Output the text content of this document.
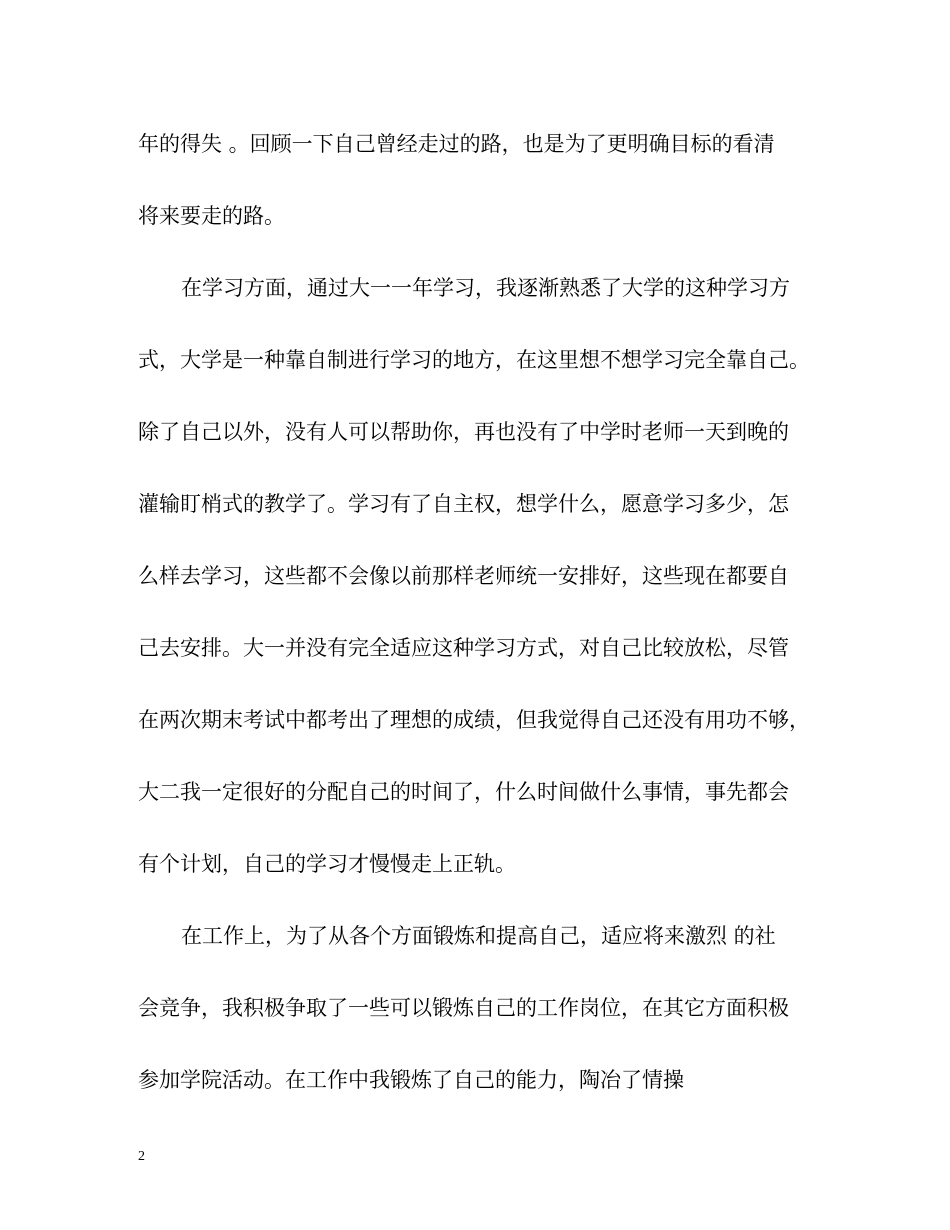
年的得失 。回顾一下自己曾经走过的路，也是为了更明确目标的看清

将来要走的路。

在学习方面，通过大一一年学习，我逐渐熟悉了大学的这种学习方

式，大学是一种靠自制进行学习的地方，在这里想不想学习完全靠自己。

除了自己以外，没有人可以帮助你，再也没有了中学时老师一天到晚的

灌输盯梢式的教学了。学习有了自主权，想学什么，愿意学习多少，怎

么样去学习，这些都不会像以前那样老师统一安排好，这些现在都要自

己去安排。大一并没有完全适应这种学习方式，对自己比较放松，尽管

在两次期末考试中都考出了理想的成绩，但我觉得自己还没有用功不够，

大二我一定很好的分配自己的时间了，什么时间做什么事情，事先都会

有个计划，自己的学习才慢慢走上正轨。

在工作上，为了从各个方面锻炼和提高自己，适应将来激烈 的社

会竞争，我积极争取了一些可以锻炼自己的工作岗位，在其它方面积极

参加学院活动。在工作中我锻炼了自己的能力，陶冶了情操

2
